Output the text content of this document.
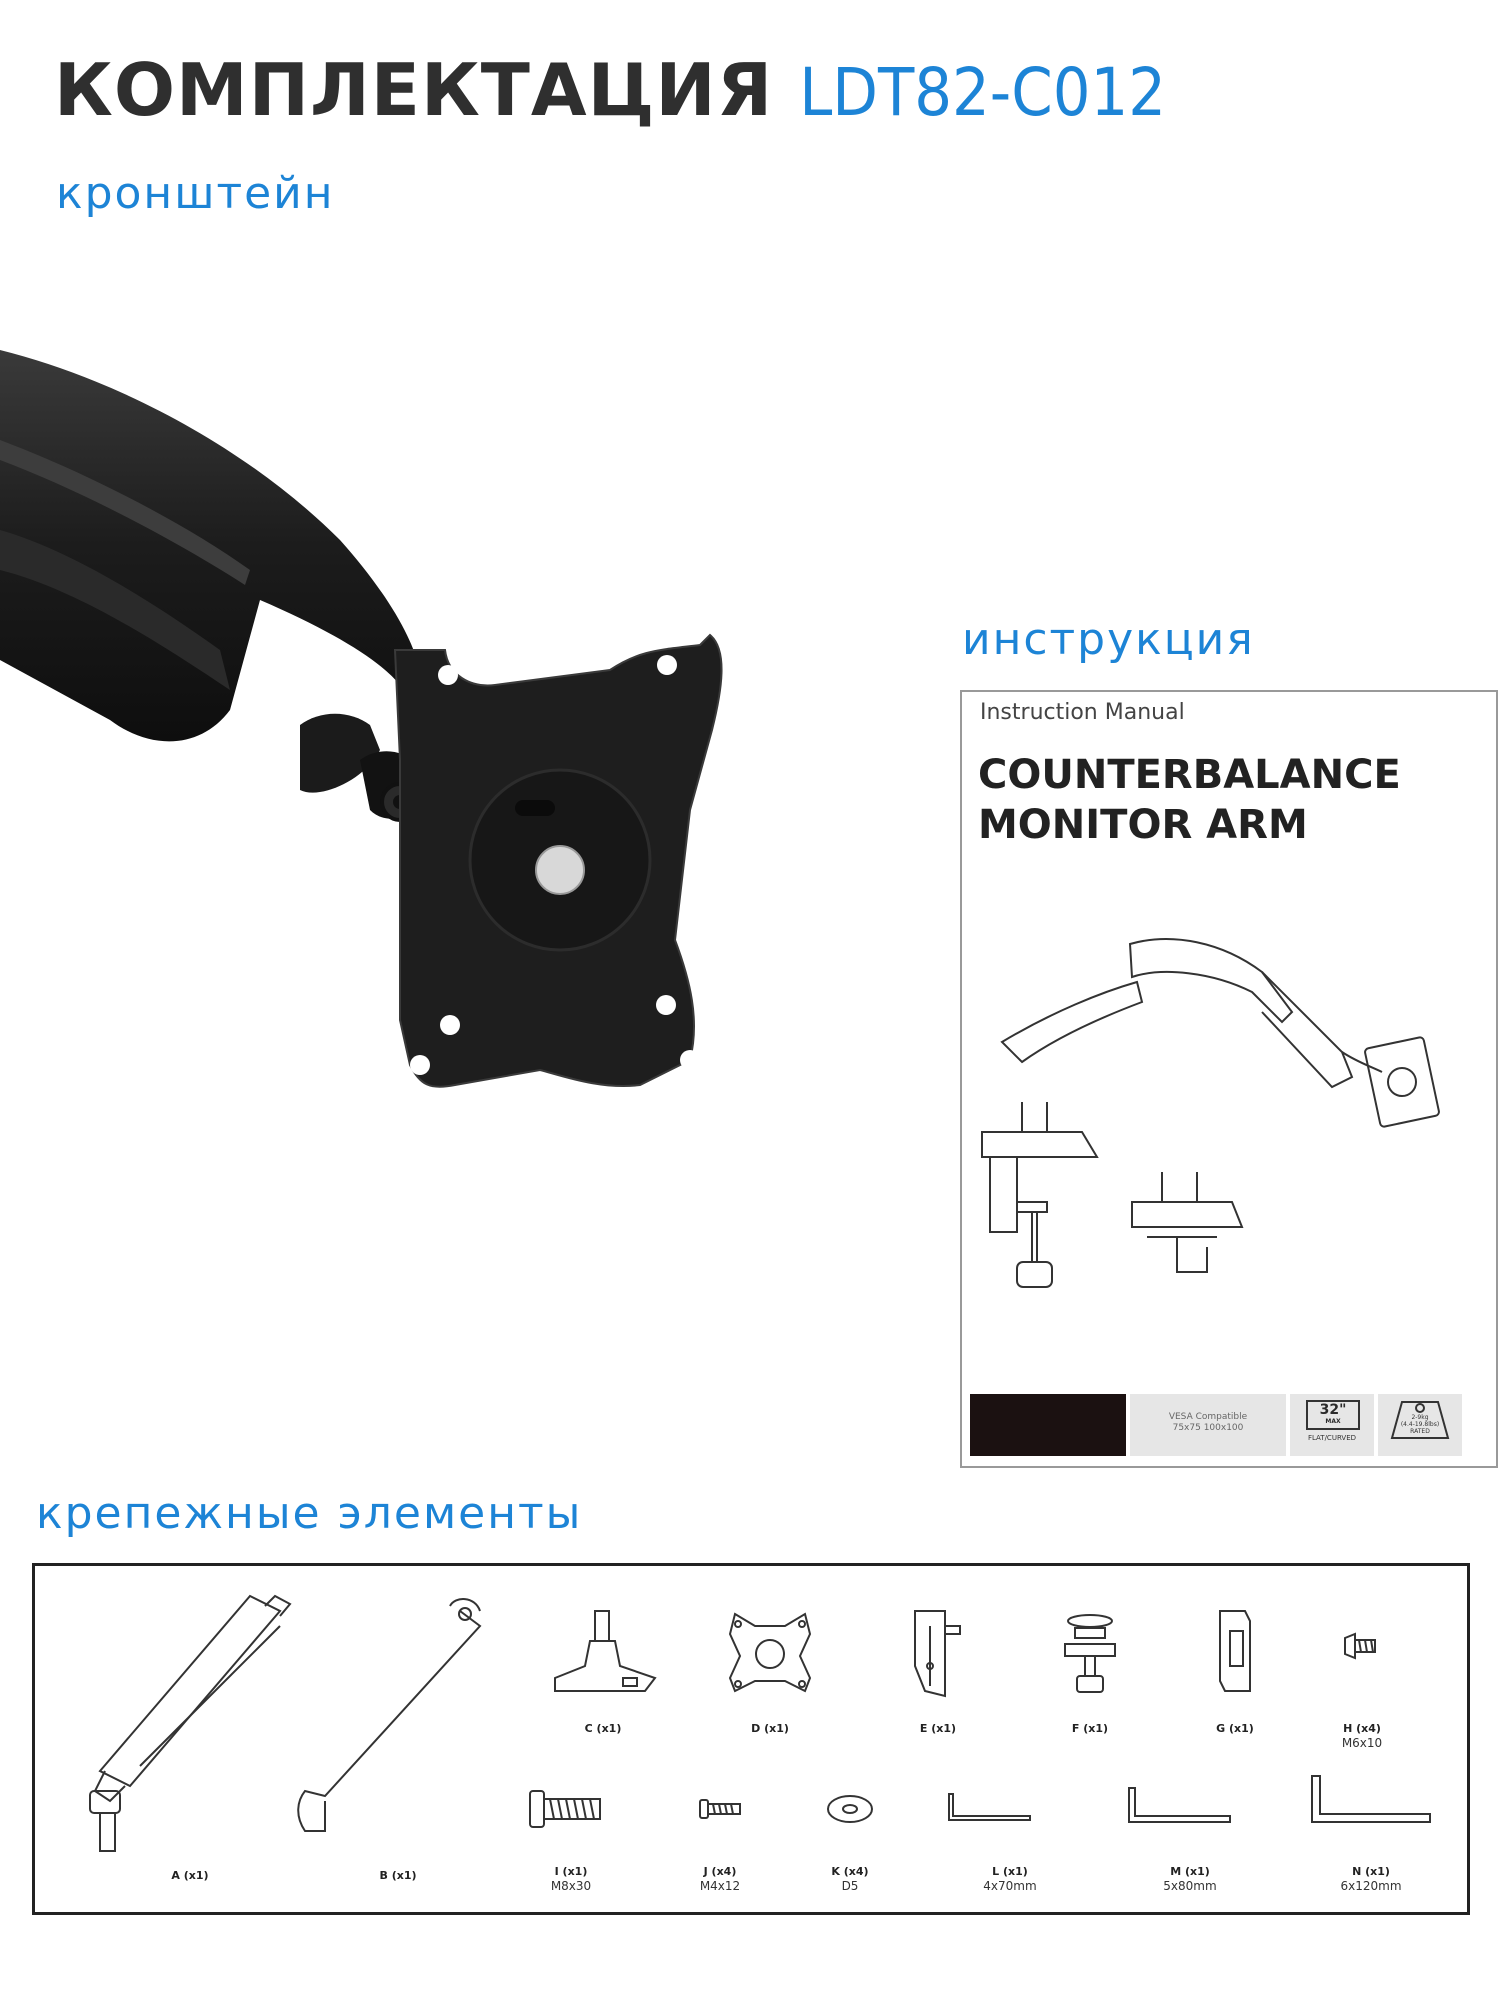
КОМПЛЕКТАЦИЯ LDT82-C012

кронштейн

инструкция

Instruction Manual
COUNTERBALANCE
MONITOR ARM
VESA Compatible
75x75 100x100
32"
MAX
FLAT/CURVED
2-9kg
(4.4-19.8lbs)
RATED

крепежные элементы

A (x1)	B (x1)
C (x1)	D (x1)	E (x1)	F (x1)	G (x1)	H (x4)
M6x10
I (x1)
M8x30
J (x4)
M4x12
K (x4)
D5
L (x1)
4x70mm
M (x1)
5x80mm
N (x1)
6x120mm
